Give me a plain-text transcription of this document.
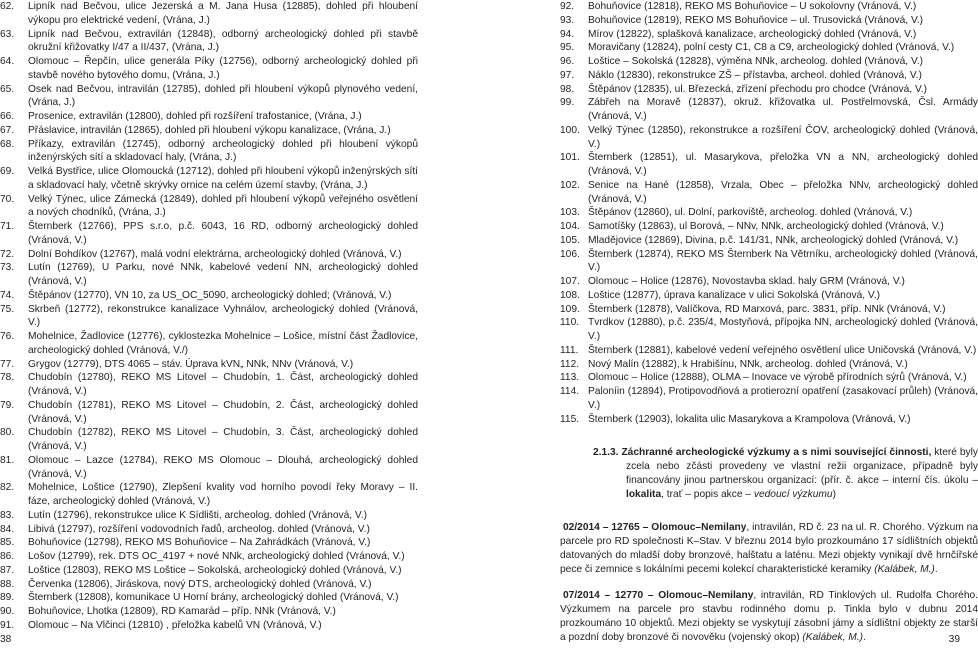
62. Lipník nad Bečvou, ulice Jezerská a M. Jana Husa (12885), dohled při hloubení výkopu pro elektrické vedení, (Vrána, J.)
63. Lipník nad Bečvou, extravilán (12848), odborný archeologický dohled při stavbě okružní křižovatky I/47 a II/437, (Vrána, J.)
64. Olomouc – Řepčín, ulice generála Píky (12756), odborný archeologický dohled při stavbě nového bytového domu, (Vrána, J.)
65. Osek nad Bečvou, intravilán (12785), dohled při hloubení výkopů plynového vedení, (Vrána, J.)
66. Prosenice, extravilán (12800), dohled při rozšíření trafostanice, (Vrána, J.)
67. Přáslavice, intravilán (12865), dohled při hloubení výkopu kanalizace, (Vrána, J.)
68. Příkazy, extravilán (12745), odborný archeologický dohled při hloubení výkopů inženýrských sítí a skladovací haly, (Vrána, J.)
69. Velká Bystřice, ulice Olomoucká (12712), dohled při hloubení výkopů inženýrských sítí a skladovací haly, včetně skrývky ornice na celém území stavby, (Vrána, J.)
70. Velký Týnec, ulice Zámecká (12849), dohled při hloubení výkopů veřejného osvětlení a nových chodníků, (Vrána, J.)
71. Šternberk (12766), PPS s.r.o, p.č. 6043, 16 RD, odborný archeologický dohled (Vránová, V.)
72. Dolní Bohdíkov (12767), malá vodní elektrárna, archeologický dohled (Vránová, V.)
73. Lutín (12769), U Parku, nové NNk, kabelové vedení NN, archeologický dohled (Vránová, V.)
74. Štěpánov (12770), VN 10, za US_OC_5090, archeologický dohled; (Vránová, V.)
75. Skrbeň (12772), rekonstrukce kanalizace Vyhnálov, archeologický dohled (Vránová, V.)
76. Mohelnice, Žadlovice (12776), cyklostezka Mohelnice – Lošice, místní část Žadlovice, archeologický dohled (Vránová, V./)
77. Grygov (12779), DTS 4065 – stáv. Úprava kVN„ NNk, NNv (Vránová, V.)
78. Chudobín (12780), REKO MS Litovel – Chudobín, 1. Část, archeologický dohled (Vránová, V.)
79. Chudobín (12781), REKO MS Litovel – Chudobín, 2. Část, archeologický dohled (Vránová, V.)
80. Chudobín (12782), REKO MS Litovel – Chudobín, 3. Část, archeologický dohled (Vránová, V.)
81. Olomouc – Lazce (12784), REKO MS Olomouc – Dlouhá, archeologický dohled (Vránová, V.)
82. Mohelnice, Loštice (12790), Zlepšení kvality vod horního povodí řeky Moravy – II. fáze, archeologický dohled (Vránová, V.)
83. Lutín (12796), rekonstrukce ulice K Sídlišti, archeolog. dohled (Vránová, V.)
84. Libivá (12797), rozšíření vodovodních řadů, archeolog. dohled (Vránová, V.)
85. Bohuňovice (12798), REKO MS Bohuňovice – Na Zahrádkách (Vránová, V.)
86. Lošov (12799), rek. DTS OC_4197 + nové NNk, archeologický dohled (Vránová, V.)
87. Loštice (12803), REKO MS Loštice – Sokolská, archeologický dohled (Vránová, V.)
88. Červenka (12806), Jiráskova, nový DTS, archeologický dohled (Vránová, V.)
89. Šternberk (12808), komunikace U Horní brány, archeologický dohled (Vránová, V.)
90. Bohuňovice, Lhotka (12809), RD Kamarád – příp. NNk (Vránová, V.)
91. Olomouc – Na Vlčinci (12810) , přeložka kabelů VN (Vránová, V.)
38
92. Bohuňovice (12818), REKO MS Bohuňovice – U sokolovny (Vránová, V.)
93. Bohuňovice (12819), REKO MS Bohuňovice – ul. Trusovická (Vránová, V.)
94. Mírov (12822), splašková kanalizace, archeologický dohled (Vránová, V.)
95. Moravičany (12824), polní cesty C1, C8 a C9, archeologický dohled (Vránová, V.)
96. Loštice – Sokolská (12828), výměna NNk, archeolog. dohled (Vránová, V.)
97. Náklo (12830), rekonstrukce ZŠ – přístavba, archeol. dohled (Vránová, V.)
98. Štěpánov (12835), ul. Březecká, zřízení přechodu pro chodce (Vránová, V.)
99. Zábřeh na Moravě (12837), okruž. křižovatka ul. Postřelmovská, Čsl. Armády (Vránová, V.)
100. Velký Týnec (12850), rekonstrukce a rozšíření ČOV, archeologický dohled (Vránová, V.)
101. Šternberk (12851), ul. Masarykova, přeložka VN a NN, archeologický dohled (Vránová, V.)
102. Senice na Hané (12858), Vrzala, Obec – přeložka NNv, archeologický dohled (Vránová, V.)
103. Štěpánov (12860), ul. Dolní, parkoviště, archeolog. dohled (Vránová, V.)
104. Samotíšky (12863), ul Borová, – NNv, NNk, archeologický dohled (Vránová, V.)
105. Mladějovice (12869), Divina, p.č. 141/31, NNk, archeologický dohled (Vránová, V.)
106. Šternberk (12874), REKO MS Šternberk Na Větrníku, archeologický dohled (Vránová, V.)
107. Olomouc – Holice (12876), Novostavba sklad. haly GRM (Vránová, V.)
108. Loštice (12877), úprava kanalizace v ulici Sokolská (Vránová, V.)
109. Šternberk (12878), Valíčkova, RD Marxová, parc. 3831, příp. NNk (Vránová, V.)
110. Tvrdkov (12880), p.č. 235/4, Mostyňová, přípojka NN, archeologický dohled (Vránová, V.)
111. Šternberk (12881), kabelové vedení veřejného osvětlení ulice Uničovská (Vránová, V.)
112. Nový Malín (12882), k Hrabišínu, NNk, archeolog. dohled (Vránová, V.)
113. Olomouc – Holice (12888), OLMA – Inovace ve výrobě přírodních sýrů (Vránová, V.)
114. Paloníin (12894), Protipovodňová a protierozní opatření (zasakovací průleh) (Vránová, V.)
115. Šternberk (12903), lokalita ulic Masarykova a Krampolova (Vránová, V.)
2.1.3. Záchranné archeologické výzkumy a s nimi související činnosti, které byly zcela nebo zčásti provedeny ve vlastní režii organizace, případně byly financovány jinou partnerskou organizací: (přír. č. akce – interní čís. úkolu – lokalita, trať – popis akce – vedoucí výzkumu)
02/2014 – 12765 – Olomouc–Nemilany, intravilán, RD č. 23 na ul. R. Chorého. Výzkum na parcele pro RD společnosti K–Stav. V březnu 2014 bylo prozkoumáno 17 sídlištních objektů datovaných do mladší doby bronzové, halštatu a laténu. Mezi objekty vynikají dvě hrnčířské pece či zemnice s lokálními pecemi kolekcí charakteristické keramiky (Kalábek, M.).
07/2014 – 12770 – Olomouc–Nemilany, intravilán, RD Tinklových ul. Rudolfa Chorého. Výzkumem na parcele pro stavbu rodinného domu p. Tinkla bylo v dubnu 2014 prozkoumáno 10 objektů. Mezi objekty se vyskytují zásobní jámy a sídlištní objekty ze starší a pozdní doby bronzové či novověku (vojenský okop) (Kalábek, M.).	39
